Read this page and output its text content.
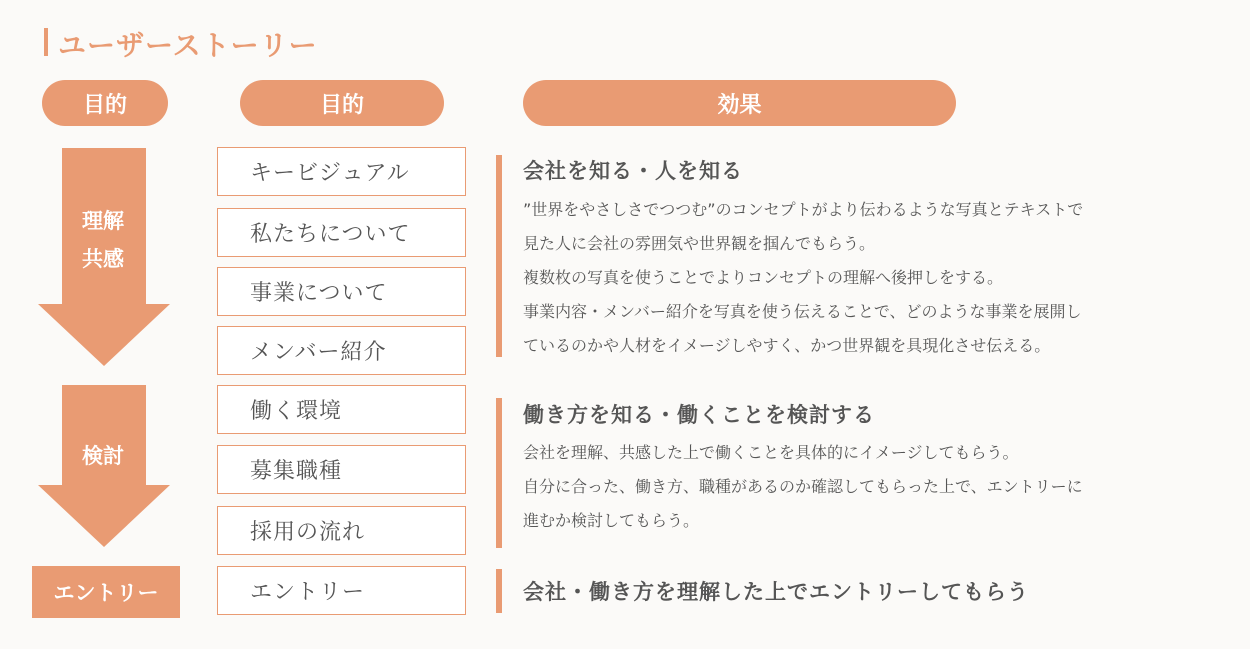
ユーザーストーリー
目的	目的	効果
理解
共感
検討
エントリー
キービジュアル
私たちについて
事業について
メンバー紹介
働く環境
募集職種
採用の流れ
エントリー
会社を知る・人を知る
”世界をやさしさでつつむ”のコンセプトがより伝わるような写真とテキストで
見た人に会社の雰囲気や世界観を掴んでもらう。
複数枚の写真を使うことでよりコンセプトの理解へ後押しをする。
事業内容・メンバー紹介を写真を使う伝えることで、どのような事業を展開し
ているのかや人材をイメージしやすく、かつ世界観を具現化させ伝える。
働き方を知る・働くことを検討する
会社を理解、共感した上で働くことを具体的にイメージしてもらう。
自分に合った、働き方、職種があるのか確認してもらった上で、エントリーに
進むか検討してもらう。
会社・働き方を理解した上でエントリーしてもらう
